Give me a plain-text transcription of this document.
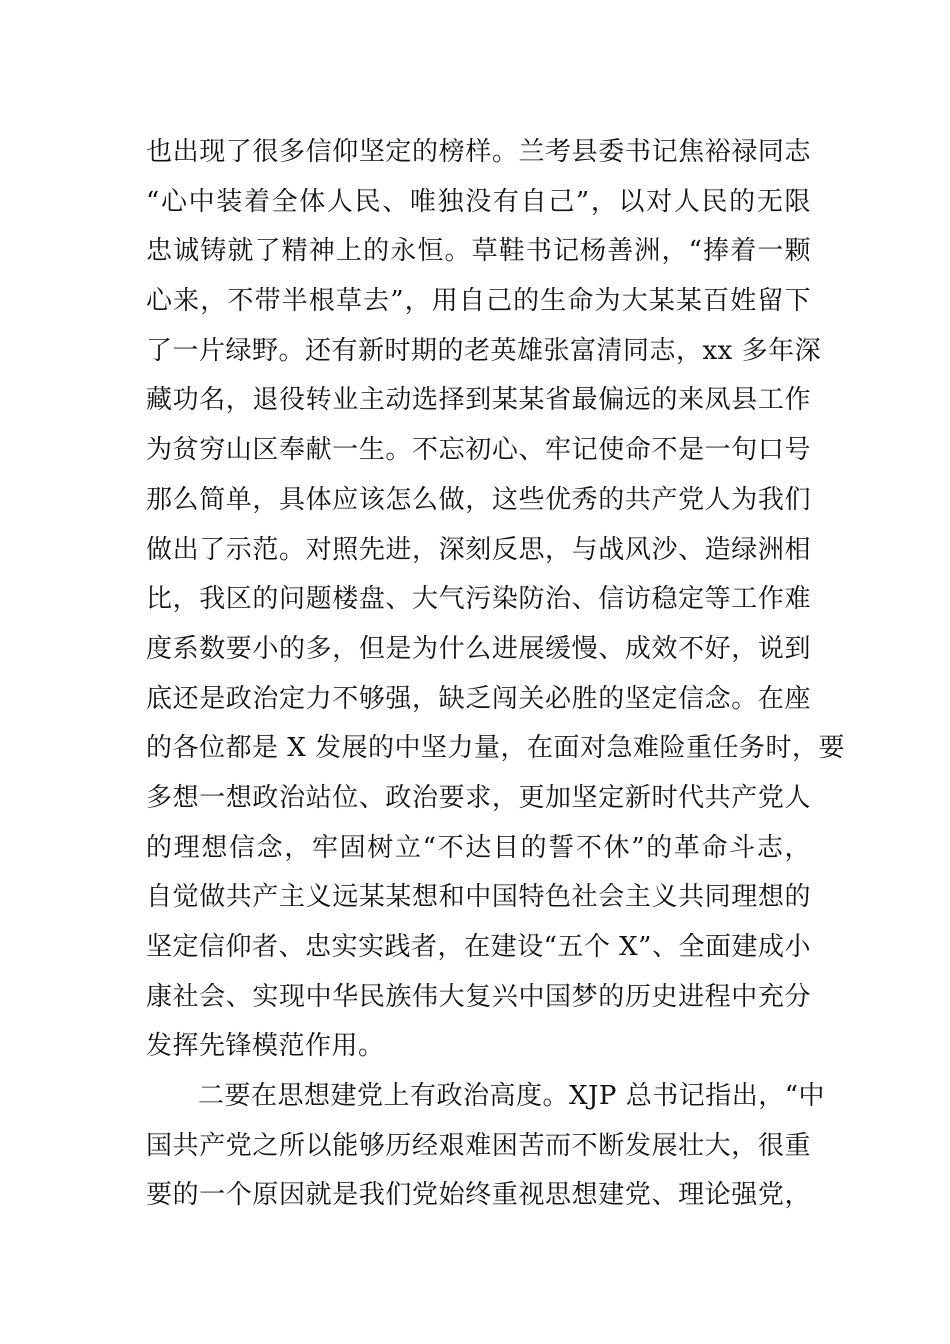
也出现了很多信仰坚定的榜样。兰考县委书记焦裕禄同志
“心中装着全体人民、唯独没有自己”，以对人民的无限
忠诚铸就了精神上的永恒。草鞋书记杨善洲，“捧着一颗
心来，不带半根草去”，用自己的生命为大某某百姓留下
了一片绿野。还有新时期的老英雄张富清同志，xx 多年深
藏功名，退役转业主动选择到某某省最偏远的来凤县工作
为贫穷山区奉献一生。不忘初心、牢记使命不是一句口号
那么简单，具体应该怎么做，这些优秀的共产党人为我们
做出了示范。对照先进，深刻反思，与战风沙、造绿洲相
比，我区的问题楼盘、大气污染防治、信访稳定等工作难
度系数要小的多，但是为什么进展缓慢、成效不好，说到
底还是政治定力不够强，缺乏闯关必胜的坚定信念。在座
的各位都是 X 发展的中坚力量，在面对急难险重任务时，要
多想一想政治站位、政治要求，更加坚定新时代共产党人
的理想信念，牢固树立“不达目的誓不休”的革命斗志，
自觉做共产主义远某某想和中国特色社会主义共同理想的
坚定信仰者、忠实实践者，在建设“五个 X”、全面建成小
康社会、实现中华民族伟大复兴中国梦的历史进程中充分
发挥先锋模范作用。
二要在思想建党上有政治高度。XJP 总书记指出，“中
国共产党之所以能够历经艰难困苦而不断发展壮大，很重
要的一个原因就是我们党始终重视思想建党、理论强党，
